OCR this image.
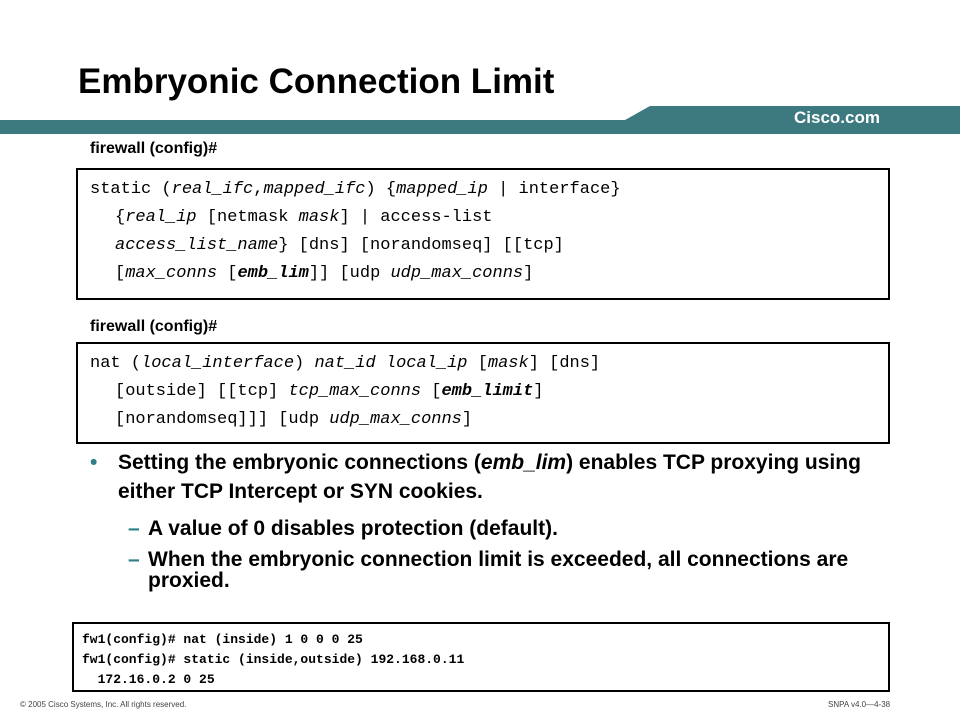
Embryonic Connection Limit
Cisco.com
firewall (config)#
static (real_ifc,mapped_ifc) {mapped_ip | interface}
{real_ip [netmask mask] | access-list
access_list_name} [dns] [norandomseq] [[tcp]
[max_conns [emb_lim]] [udp udp_max_conns]
firewall (config)#
nat (local_interface) nat_id local_ip [mask] [dns]
[outside] [[tcp] tcp_max_conns [emb_limit]
[norandomseq]]] [udp udp_max_conns]
• Setting the embryonic connections (emb_lim) enables TCP proxying using either TCP Intercept or SYN cookies.
– A value of 0 disables protection (default).
– When the embryonic connection limit is exceeded, all connections are proxied.
fw1(config)# nat (inside) 1 0 0 0 25
fw1(config)# static (inside,outside) 192.168.0.11
172.16.0.2 0 25
© 2005 Cisco Systems, Inc. All rights reserved.	SNPA v4.0—4-38
